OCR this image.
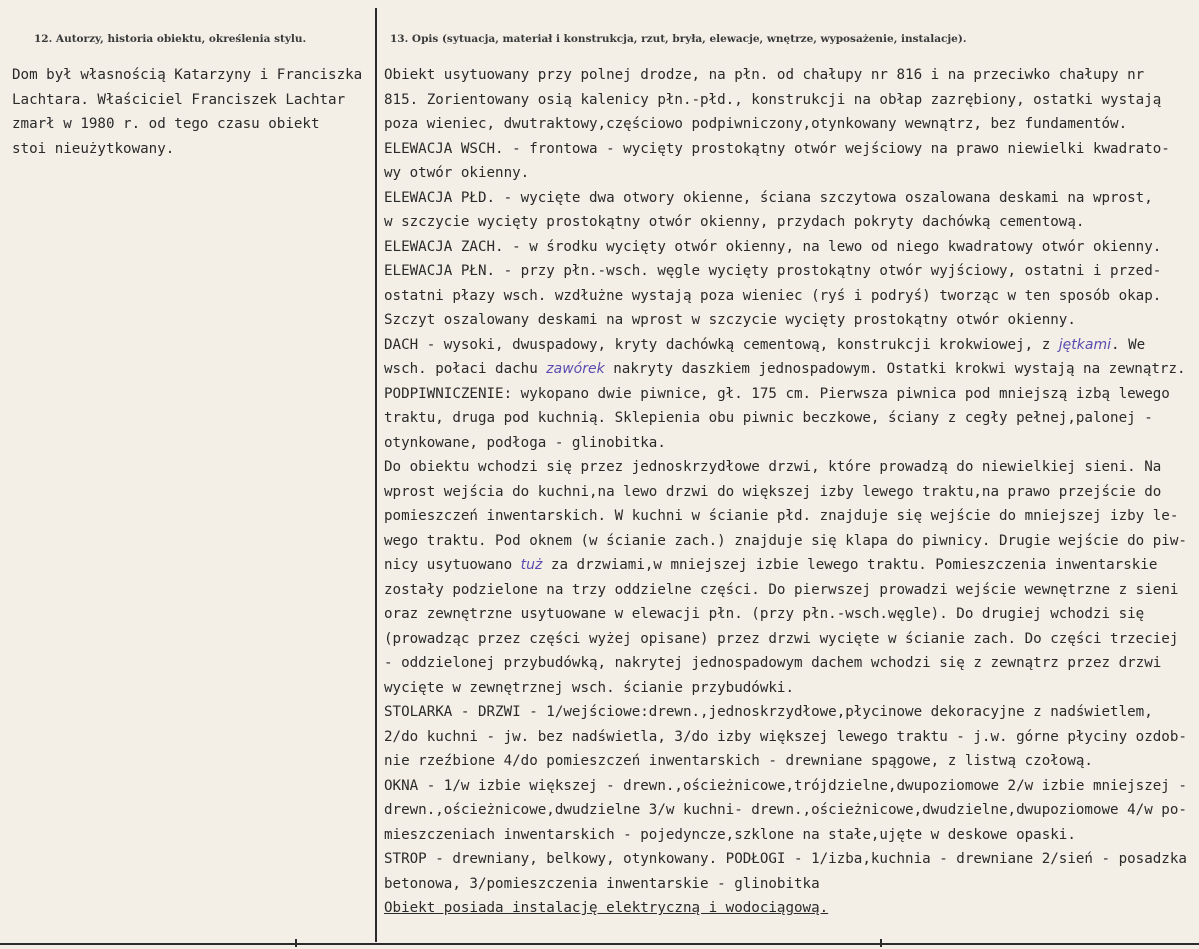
12. Autorzy, historia obiektu, określenia stylu.	13. Opis (sytuacja, materiał i konstrukcja, rzut, bryła, elewacje, wnętrze, wyposażenie, instalacje).
Dom był własnością Katarzyny i Franciszka
Lachtara. Właściciel Franciszek Lachtar
zmarł w 1980 r. od tego czasu obiekt
stoi nieużytkowany.
Obiekt usytuowany przy polnej drodze, na płn. od chałupy nr 816 i na przeciwko chałupy nr
815. Zorientowany osią kalenicy płn.-płd., konstrukcji na obłap zazrębiony, ostatki wystają
poza wieniec, dwutraktowy,częściowo podpiwniczony,otynkowany wewnątrz, bez fundamentów.
ELEWACJA WSCH. - frontowa - wycięty prostokątny otwór wejściowy na prawo niewielki kwadrato-
wy otwór okienny.
ELEWACJA PŁD. - wycięte dwa otwory okienne, ściana szczytowa oszalowana deskami na wprost,
w szczycie wycięty prostokątny otwór okienny, przydach pokryty dachówką cementową.
ELEWACJA ZACH. - w środku wycięty otwór okienny, na lewo od niego kwadratowy otwór okienny.
ELEWACJA PŁN. - przy płn.-wsch. węgle wycięty prostokątny otwór wyjściowy, ostatni i przed-
ostatni płazy wsch. wzdłużne wystają poza wieniec (ryś i podryś) tworząc w ten sposób okap.
Szczyt oszalowany deskami na wprost w szczycie wycięty prostokątny otwór okienny.
DACH - wysoki, dwuspadowy, kryty dachówką cementową, konstrukcji krokwiowej, z jętkami. We
wsch. połaci dachu zawórek nakryty daszkiem jednospadowym. Ostatki krokwi wystają na zewnątrz.
PODPIWNICZENIE: wykopano dwie piwnice, gł. 175 cm. Pierwsza piwnica pod mniejszą izbą lewego
traktu, druga pod kuchnią. Sklepienia obu piwnic beczkowe, ściany z cegły pełnej,palonej -
otynkowane, podłoga - glinobitka.
Do obiektu wchodzi się przez jednoskrzydłowe drzwi, które prowadzą do niewielkiej sieni. Na
wprost wejścia do kuchni,na lewo drzwi do większej izby lewego traktu,na prawo przejście do
pomieszczeń inwentarskich. W kuchni w ścianie płd. znajduje się wejście do mniejszej izby le-
wego traktu. Pod oknem (w ścianie zach.) znajduje się klapa do piwnicy. Drugie wejście do piw-
nicy usytuowano tuż za drzwiami,w mniejszej izbie lewego traktu. Pomieszczenia inwentarskie
zostały podzielone na trzy oddzielne części. Do pierwszej prowadzi wejście wewnętrzne z sieni
oraz zewnętrzne usytuowane w elewacji płn. (przy płn.-wsch.węgle). Do drugiej wchodzi się
(prowadząc przez części wyżej opisane) przez drzwi wycięte w ścianie zach. Do części trzeciej
- oddzielonej przybudówką, nakrytej jednospadowym dachem wchodzi się z zewnątrz przez drzwi
wycięte w zewnętrznej wsch. ścianie przybudówki.
STOLARKA - DRZWI - 1/wejściowe:drewn.,jednoskrzydłowe,płycinowe dekoracyjne z nadświetlem,
2/do kuchni - jw. bez nadświetla, 3/do izby większej lewego traktu - j.w. górne płyciny ozdob-
nie rzeźbione 4/do pomieszczeń inwentarskich - drewniane spągowe, z listwą czołową.
OKNA - 1/w izbie większej - drewn.,ościeżnicowe,trójdzielne,dwupoziomowe 2/w izbie mniejszej -
drewn.,ościeżnicowe,dwudzielne 3/w kuchni- drewn.,ościeżnicowe,dwudzielne,dwupoziomowe 4/w po-
mieszczeniach inwentarskich - pojedyncze,szklone na stałe,ujęte w deskowe opaski.
STROP - drewniany, belkowy, otynkowany. PODŁOGI - 1/izba,kuchnia - drewniane 2/sień - posadzka
betonowa, 3/pomieszczenia inwentarskie - glinobitka
Obiekt posiada instalację elektryczną i wodociągową.
